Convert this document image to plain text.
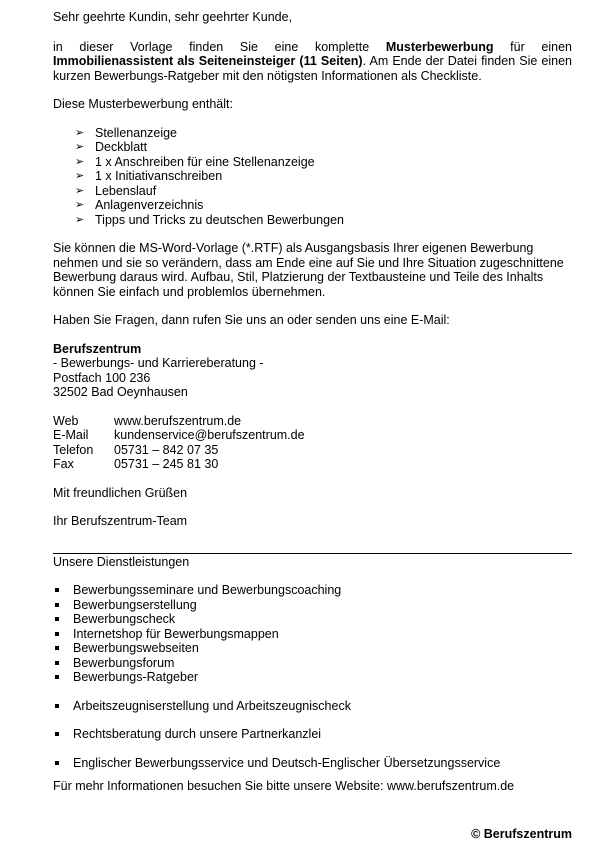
Sehr geehrte Kundin, sehr geehrter Kunde,

in dieser Vorlage finden Sie eine komplette Musterbewerbung für einen Immobilienassistent als Seiteneinsteiger (11 Seiten). Am Ende der Datei finden Sie einen kurzen Bewerbungs-Ratgeber mit den nötigsten Informationen als Checkliste.

Diese Musterbewerbung enthält:

➢ Stellenanzeige
➢ Deckblatt
➢ 1 x Anschreiben für eine Stellenanzeige
➢ 1 x Initiativanschreiben
➢ Lebenslauf
➢ Anlagenverzeichnis
➢ Tipps und Tricks zu deutschen Bewerbungen

Sie können die MS-Word-Vorlage (*.RTF) als Ausgangsbasis Ihrer eigenen Bewerbung nehmen und sie so verändern, dass am Ende eine auf Sie und Ihre Situation zugeschnittene Bewerbung daraus wird. Aufbau, Stil, Platzierung der Textbausteine und Teile des Inhalts können Sie einfach und problemlos übernehmen.

Haben Sie Fragen, dann rufen Sie uns an oder senden uns eine E-Mail:

Berufszentrum

- Bewerbungs- und Karriereberatung -

Postfach 100 236

32502 Bad Oeynhausen

Web	www.berufszentrum.de
E-Mail	kundenservice@berufszentrum.de
Telefon	05731 – 842 07 35
Fax	05731 – 245 81 30

Mit freundlichen Grüßen

Ihr Berufszentrum-Team

Unsere Dienstleistungen

Bewerbungsseminare und Bewerbungscoaching
Bewerbungserstellung
Bewerbungscheck
Internetshop für Bewerbungsmappen
Bewerbungswebseiten
Bewerbungsforum
Bewerbungs-Ratgeber
Arbeitszeugniserstellung und Arbeitszeugnischeck
Rechtsberatung durch unsere Partnerkanzlei
Englischer Bewerbungsservice und Deutsch-Englischer Übersetzungsservice

Für mehr Informationen besuchen Sie bitte unsere Website: www.berufszentrum.de

© Berufszentrum
